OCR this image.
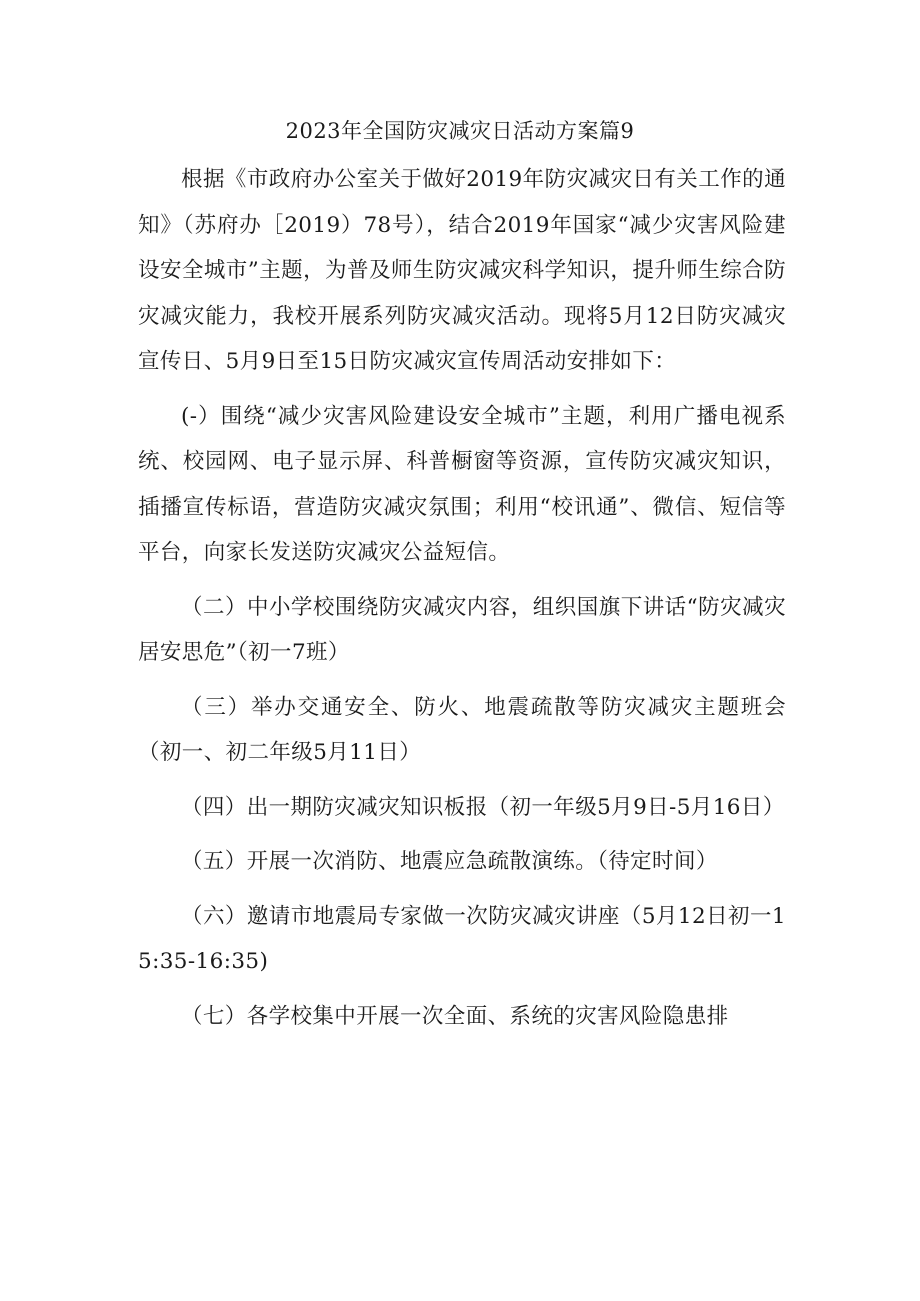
2023年全国防灾减灾日活动方案篇9

根据《市政府办公室关于做好2019年防灾减灾日有关工作的通知》（苏府办［2019）78号），结合2019年国家“减少灾害风险建设安全城市”主题，为普及师生防灾减灾科学知识，提升师生综合防灾减灾能力，我校开展系列防灾减灾活动。现将5月12日防灾减灾宣传日、5月9日至15日防灾减灾宣传周活动安排如下：

(-）围绕“减少灾害风险建设安全城市”主题，利用广播电视系统、校园网、电子显示屏、科普橱窗等资源，宣传防灾减灾知识，插播宣传标语，营造防灾减灾氛围；利用“校讯通”、微信、短信等平台，向家长发送防灾减灾公益短信。

（二）中小学校围绕防灾减灾内容，组织国旗下讲话“防灾减灾居安思危”（初一7班）

（三）举办交通安全、防火、地震疏散等防灾减灾主题班会（初一、初二年级5月11日）

（四）出一期防灾减灾知识板报（初一年级5月9日-5月16日）

（五）开展一次消防、地震应急疏散演练。（待定时间）

（六）邀请市地震局专家做一次防灾减灾讲座（5月12日初一15:35-16:35)

（七）各学校集中开展一次全面、系统的灾害风险隐患排
